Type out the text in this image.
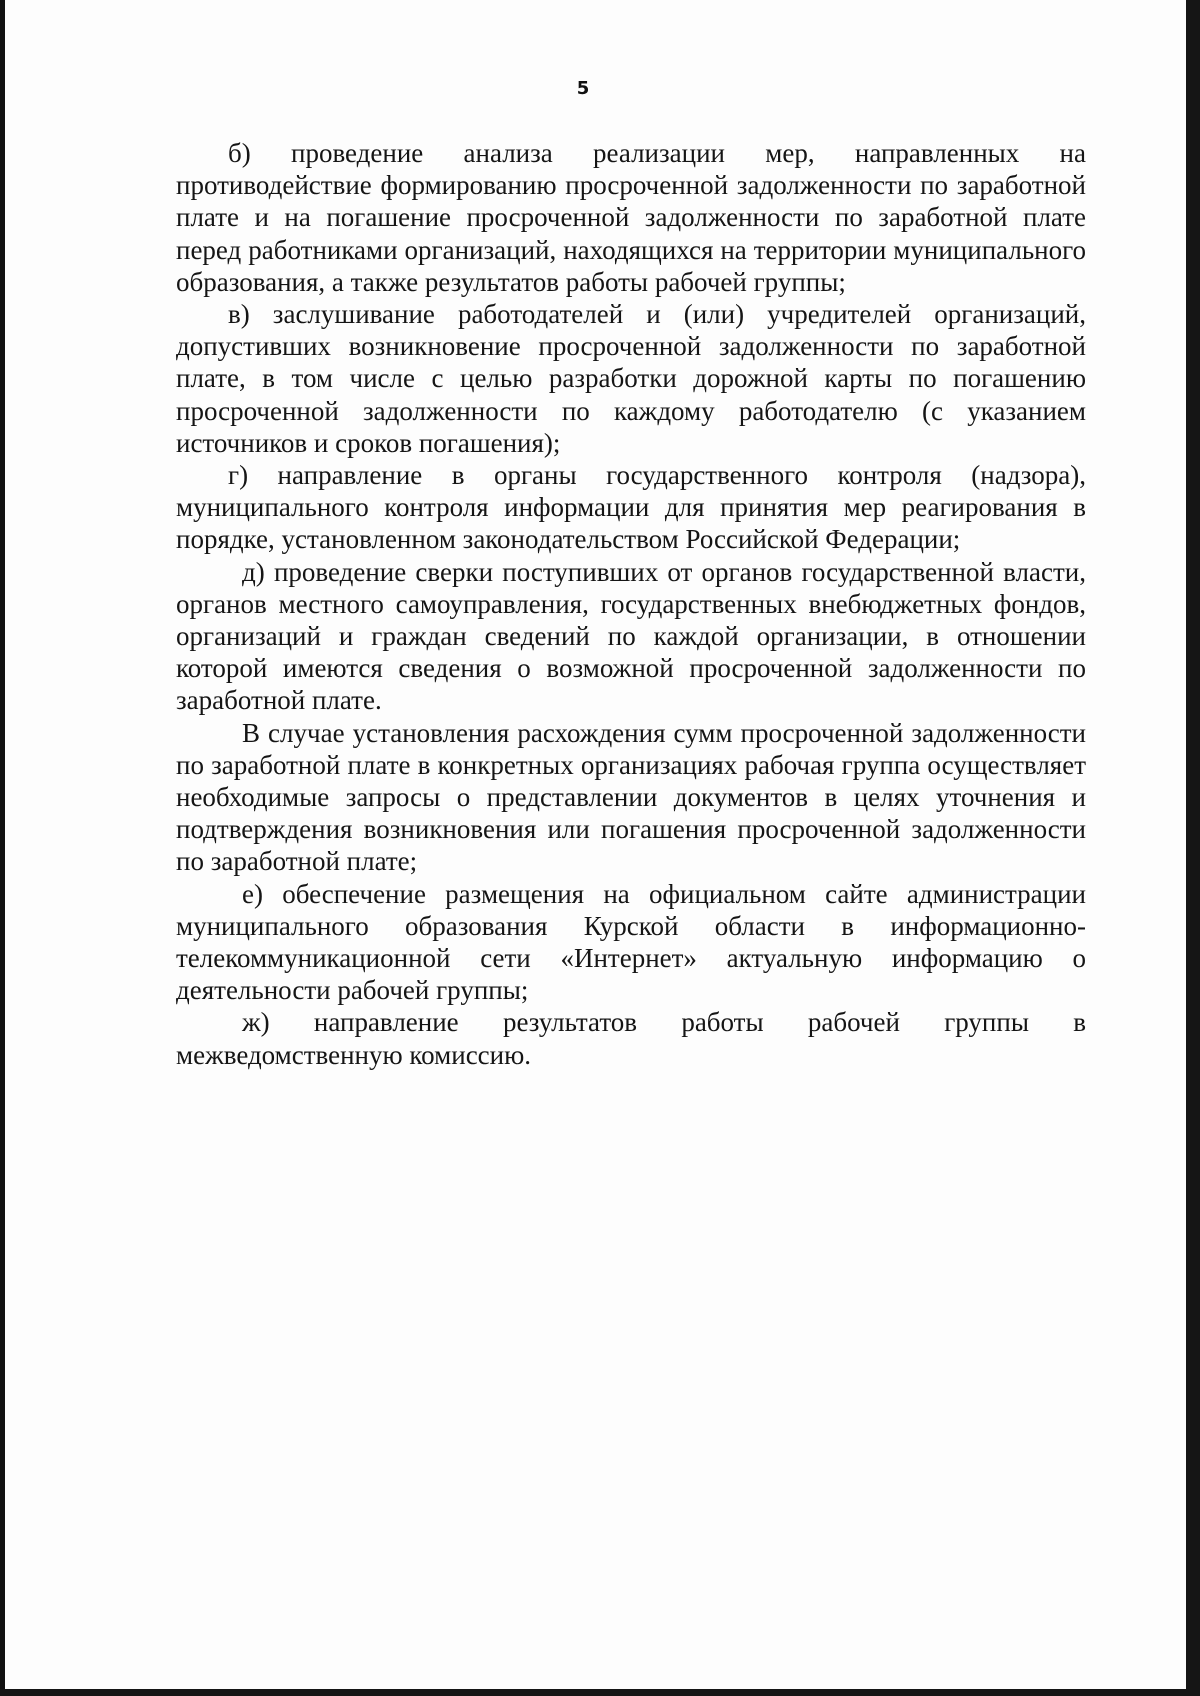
5

б) проведение анализа реализации мер, направленных на противодействие формированию просроченной задолженности по заработной плате и на погашение просроченной задолженности по заработной плате перед работниками организаций, находящихся на территории муниципального образования, а также результатов работы рабочей группы;

в) заслушивание работодателей и (или) учредителей организаций, допустивших возникновение просроченной задолженности по заработной плате, в том числе с целью разработки дорожной карты по погашению просроченной задолженности по каждому работодателю (с указанием источников и сроков погашения);

г) направление в органы государственного контроля (надзора), муниципального контроля информации для принятия мер реагирования в порядке, установленном законодательством Российской Федерации;

д) проведение сверки поступивших от органов государственной власти, органов местного самоуправления, государственных внебюджетных фондов, организаций и граждан сведений по каждой организации, в отношении которой имеются сведения о возможной просроченной задолженности по заработной плате.

В случае установления расхождения сумм просроченной задолженности по заработной плате в конкретных организациях рабочая группа осуществляет необходимые запросы о представлении документов в целях уточнения и подтверждения возникновения или погашения просроченной задолженности по заработной плате;

е) обеспечение размещения на официальном сайте администрации муниципального образования Курской области в информационно-телекоммуникационной сети «Интернет» актуальную информацию о деятельности рабочей группы;

ж) направление результатов работы рабочей группы в межведомственную комиссию.
